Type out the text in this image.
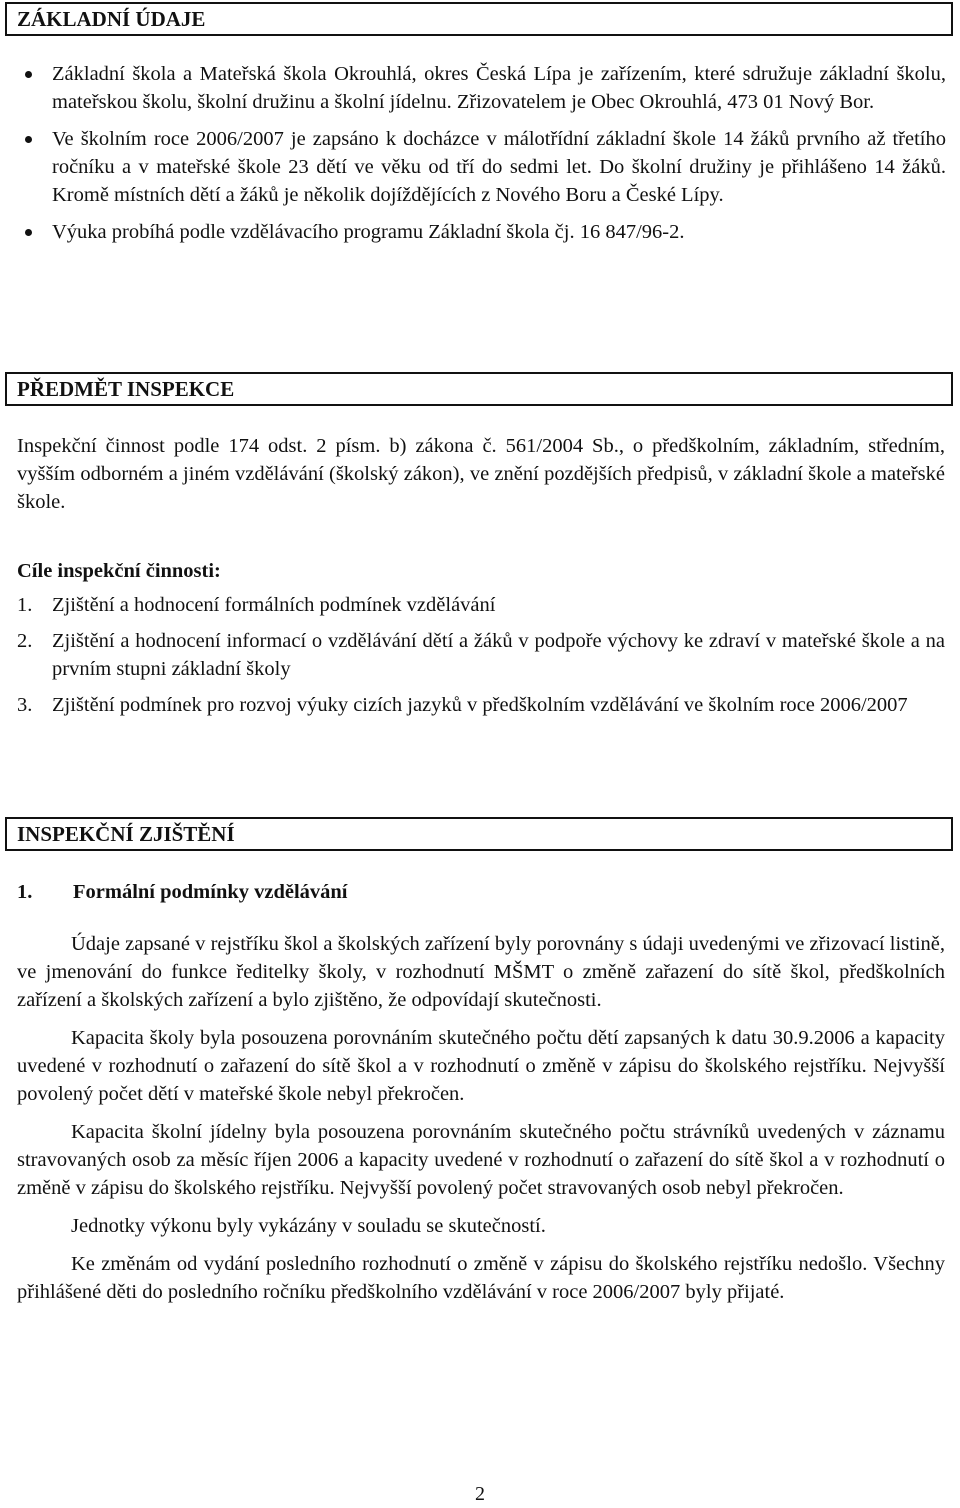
ZÁKLADNÍ ÚDAJE
Základní škola a Mateřská škola Okrouhlá, okres Česká Lípa je zařízením, které sdružuje základní školu, mateřskou školu, školní družinu a školní jídelnu. Zřizovatelem je Obec Okrouhlá, 473 01 Nový Bor.
Ve školním roce 2006/2007 je zapsáno k docházce v málotřídní základní škole 14 žáků prvního až třetího ročníku a v mateřské škole 23 dětí ve věku od tří do sedmi let. Do školní družiny je přihlášeno 14 žáků. Kromě místních dětí a žáků je několik dojíždějících z Nového Boru a České Lípy.
Výuka probíhá podle vzdělávacího programu Základní škola čj. 16 847/96-2.
PŘEDMĚT INSPEKCE

Inspekční činnost podle 174 odst. 2 písm. b) zákona č. 561/2004 Sb., o předškolním, základním, středním, vyšším odborném a jiném vzdělávání (školský zákon), ve znění pozdějších předpisů, v základní škole a mateřské škole.

Cíle inspekční činnosti:
1. Zjištění a hodnocení formálních podmínek vzdělávání
2. Zjištění a hodnocení informací o vzdělávání dětí a žáků v podpoře výchovy ke zdraví v mateřské škole a na prvním stupni základní školy
3. Zjištění podmínek pro rozvoj výuky cizích jazyků v předškolním vzdělávání ve školním roce 2006/2007
INSPEKČNÍ ZJIŠTĚNÍ
1. Formální podmínky vzdělávání

Údaje zapsané v rejstříku škol a školských zařízení byly porovnány s údaji uvedenými ve zřizovací listině, ve jmenování do funkce ředitelky školy, v rozhodnutí MŠMT o změně zařazení do sítě škol, předškolních zařízení a školských zařízení a bylo zjištěno, že odpovídají skutečnosti.

Kapacita školy byla posouzena porovnáním skutečného počtu dětí zapsaných k datu 30.9.2006 a kapacity uvedené v rozhodnutí o zařazení do sítě škol a v rozhodnutí o změně v zápisu do školského rejstříku. Nejvyšší povolený počet dětí v mateřské škole nebyl překročen.

Kapacita školní jídelny byla posouzena porovnáním skutečného počtu strávníků uvedených v záznamu stravovaných osob za měsíc říjen 2006 a kapacity uvedené v rozhodnutí o zařazení do sítě škol a v rozhodnutí o změně v zápisu do školského rejstříku. Nejvyšší povolený počet stravovaných osob nebyl překročen.

Jednotky výkonu byly vykázány v souladu se skutečností.

Ke změnám od vydání posledního rozhodnutí o změně v zápisu do školského rejstříku nedošlo. Všechny přihlášené děti do posledního ročníku předškolního vzdělávání v roce 2006/2007 byly přijaté.

2
